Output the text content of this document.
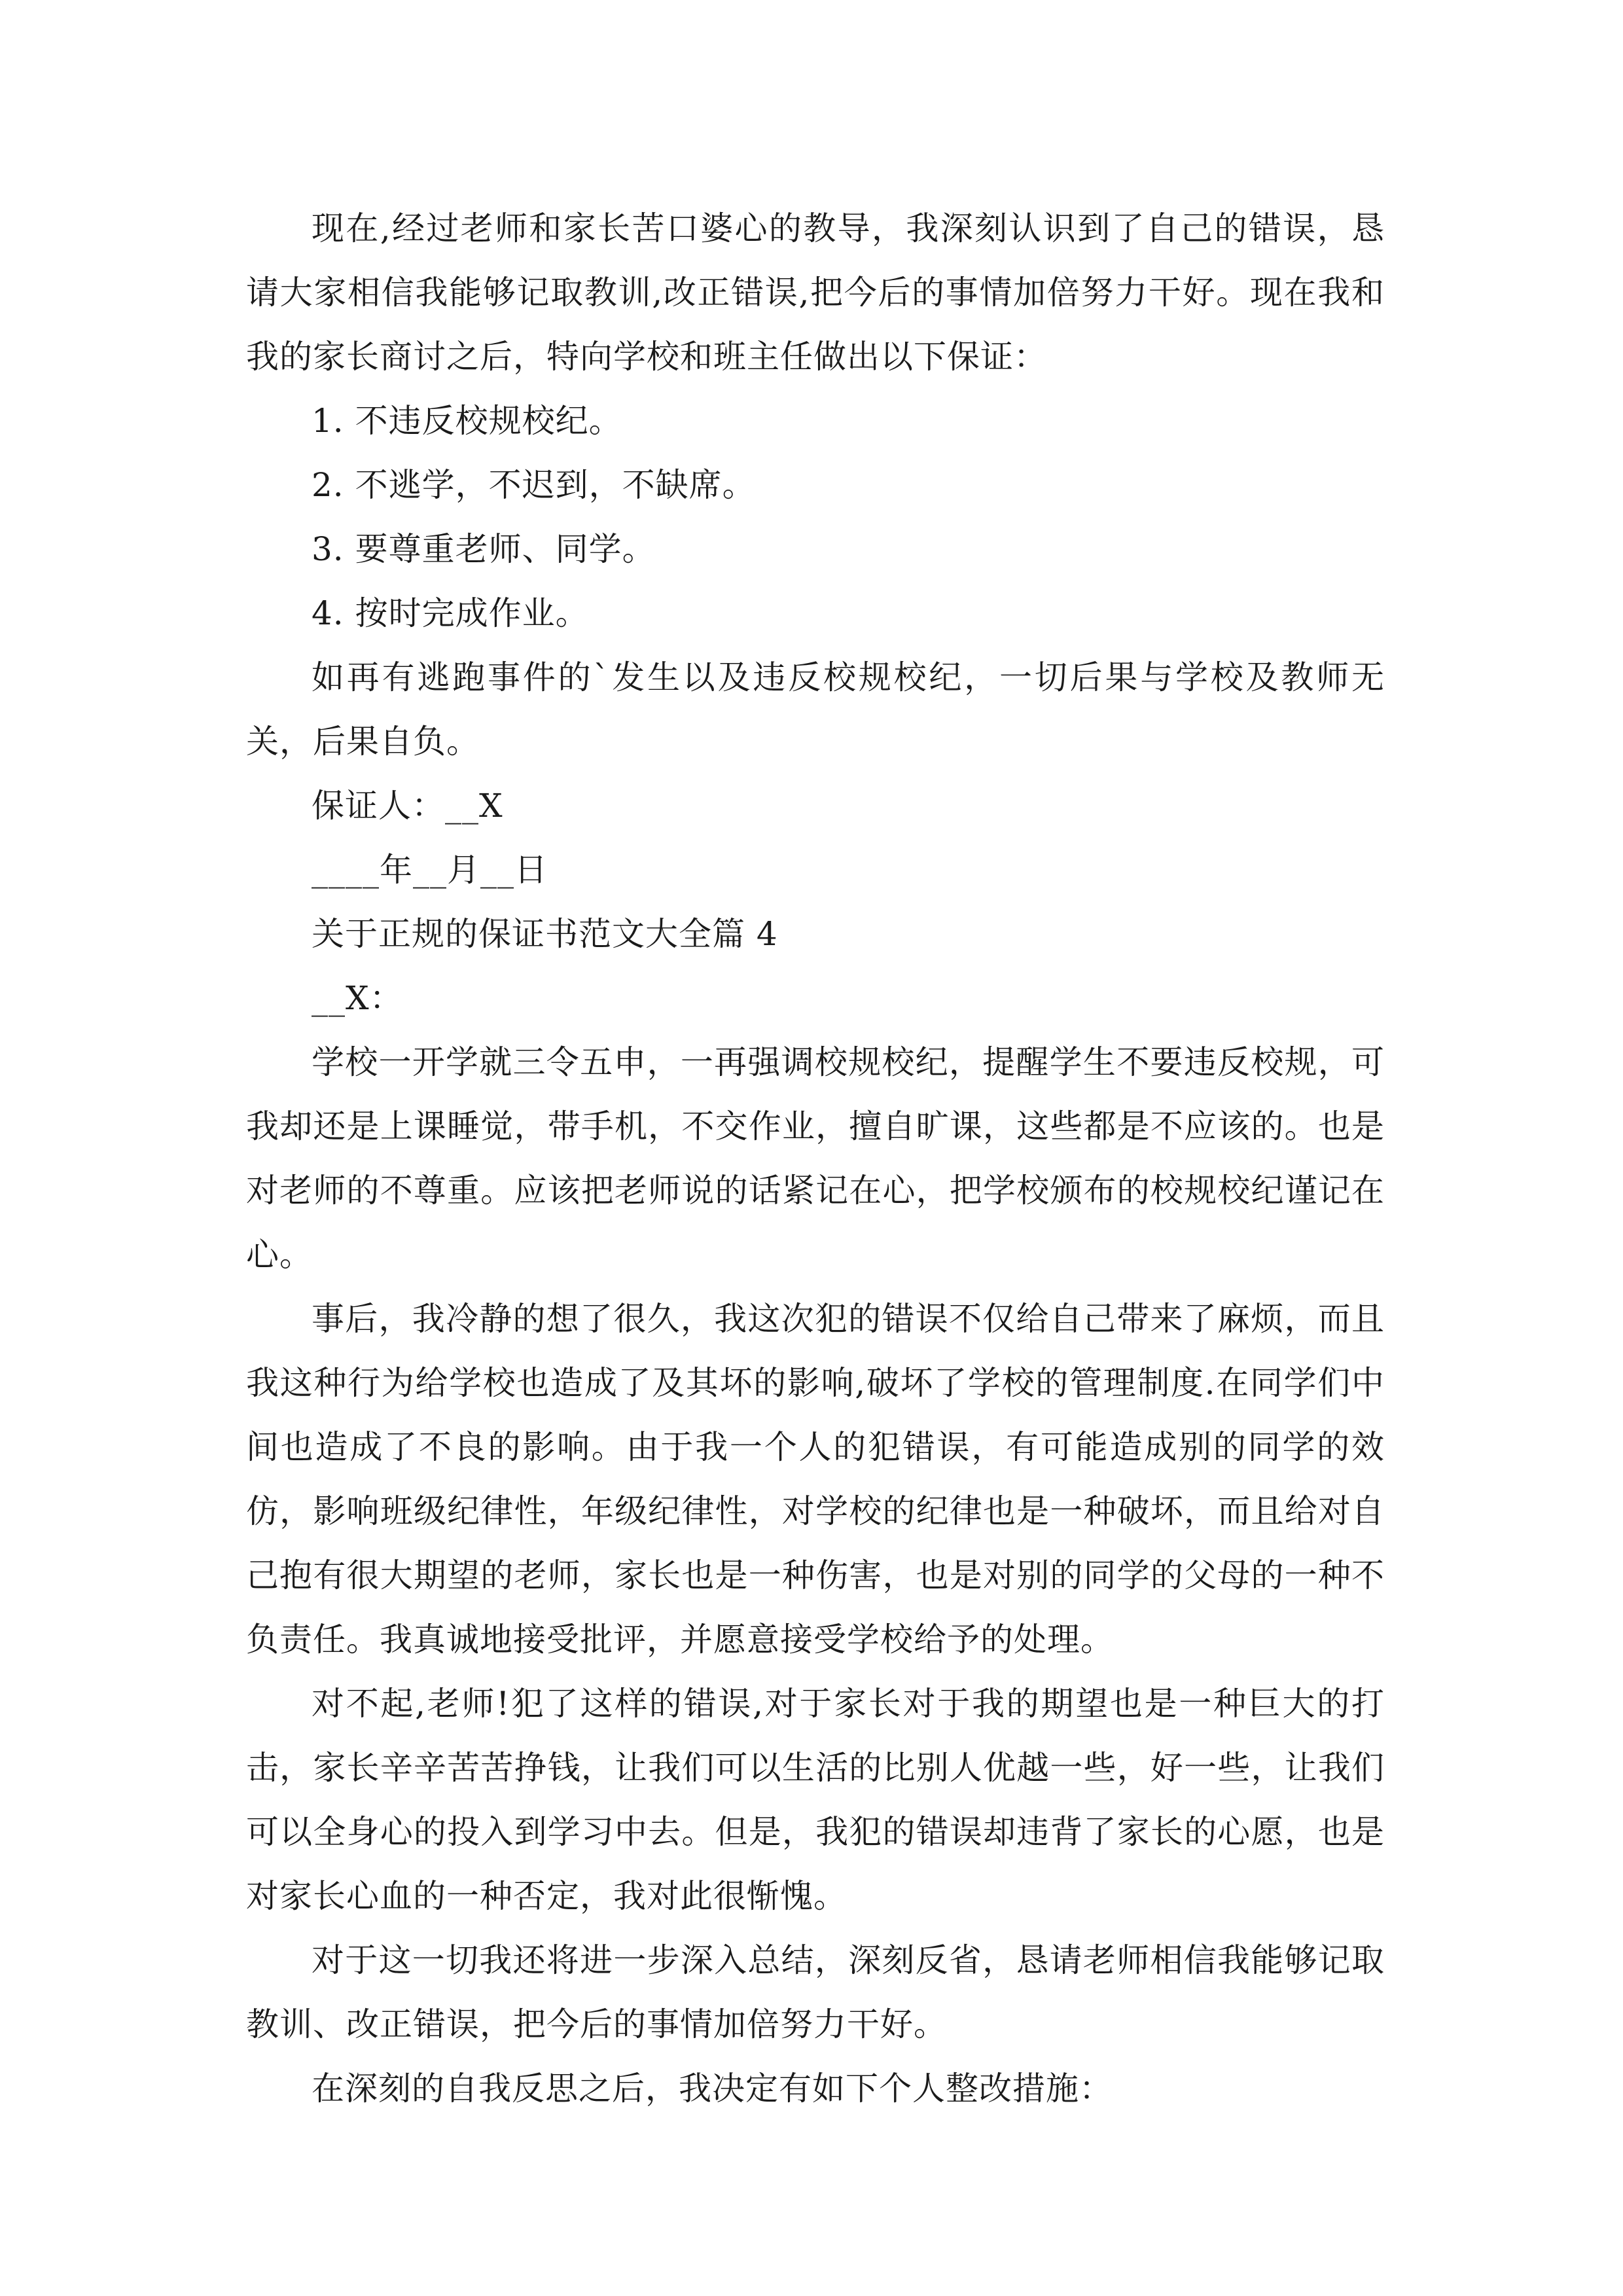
现在,经过老师和家长苦口婆心的教导，我深刻认识到了自己的错误，恳请大家相信我能够记取教训,改正错误,把今后的事情加倍努力干好。现在我和我的家长商讨之后，特向学校和班主任做出以下保证：

1. 不违反校规校纪。

2. 不逃学，不迟到，不缺席。

3. 要尊重老师、同学。

4. 按时完成作业。

如再有逃跑事件的`发生以及违反校规校纪，一切后果与学校及教师无关，后果自负。

保证人：__X

____年__月__日

关于正规的保证书范文大全篇 4

__X：

学校一开学就三令五申，一再强调校规校纪，提醒学生不要违反校规，可我却还是上课睡觉，带手机，不交作业，擅自旷课，这些都是不应该的。也是对老师的不尊重。应该把老师说的话紧记在心，把学校颁布的校规校纪谨记在心。

事后，我冷静的想了很久，我这次犯的错误不仅给自己带来了麻烦，而且我这种行为给学校也造成了及其坏的影响,破坏了学校的管理制度.在同学们中间也造成了不良的影响。由于我一个人的犯错误，有可能造成别的同学的效仿，影响班级纪律性，年级纪律性，对学校的纪律也是一种破坏，而且给对自己抱有很大期望的老师，家长也是一种伤害，也是对别的同学的父母的一种不负责任。我真诚地接受批评，并愿意接受学校给予的处理。

对不起,老师!犯了这样的错误,对于家长对于我的期望也是一种巨大的打击，家长辛辛苦苦挣钱，让我们可以生活的比别人优越一些，好一些，让我们可以全身心的投入到学习中去。但是，我犯的错误却违背了家长的心愿，也是对家长心血的一种否定，我对此很惭愧。

对于这一切我还将进一步深入总结，深刻反省，恳请老师相信我能够记取教训、改正错误，把今后的事情加倍努力干好。

在深刻的自我反思之后，我决定有如下个人整改措施：
